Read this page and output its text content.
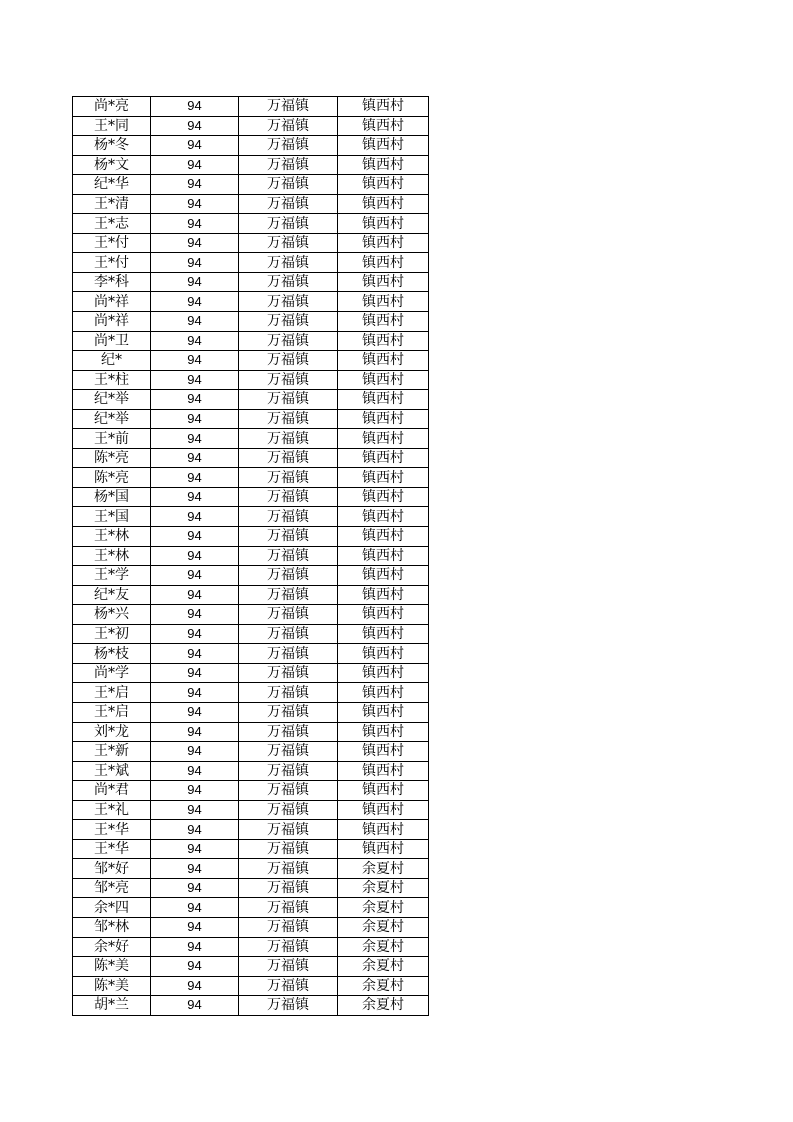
尚*亮	94	万福镇	镇西村
王*同	94	万福镇	镇西村
杨*冬	94	万福镇	镇西村
杨*文	94	万福镇	镇西村
纪*华	94	万福镇	镇西村
王*清	94	万福镇	镇西村
王*志	94	万福镇	镇西村
王*付	94	万福镇	镇西村
王*付	94	万福镇	镇西村
李*科	94	万福镇	镇西村
尚*祥	94	万福镇	镇西村
尚*祥	94	万福镇	镇西村
尚*卫	94	万福镇	镇西村
纪*	94	万福镇	镇西村
王*柱	94	万福镇	镇西村
纪*举	94	万福镇	镇西村
纪*举	94	万福镇	镇西村
王*前	94	万福镇	镇西村
陈*亮	94	万福镇	镇西村
陈*亮	94	万福镇	镇西村
杨*国	94	万福镇	镇西村
王*国	94	万福镇	镇西村
王*林	94	万福镇	镇西村
王*林	94	万福镇	镇西村
王*学	94	万福镇	镇西村
纪*友	94	万福镇	镇西村
杨*兴	94	万福镇	镇西村
王*初	94	万福镇	镇西村
杨*枝	94	万福镇	镇西村
尚*学	94	万福镇	镇西村
王*启	94	万福镇	镇西村
王*启	94	万福镇	镇西村
刘*龙	94	万福镇	镇西村
王*新	94	万福镇	镇西村
王*斌	94	万福镇	镇西村
尚*君	94	万福镇	镇西村
王*礼	94	万福镇	镇西村
王*华	94	万福镇	镇西村
王*华	94	万福镇	镇西村
邹*好	94	万福镇	余夏村
邹*亮	94	万福镇	余夏村
余*四	94	万福镇	余夏村
邹*林	94	万福镇	余夏村
余*好	94	万福镇	余夏村
陈*美	94	万福镇	余夏村
陈*美	94	万福镇	余夏村
胡*兰	94	万福镇	余夏村
